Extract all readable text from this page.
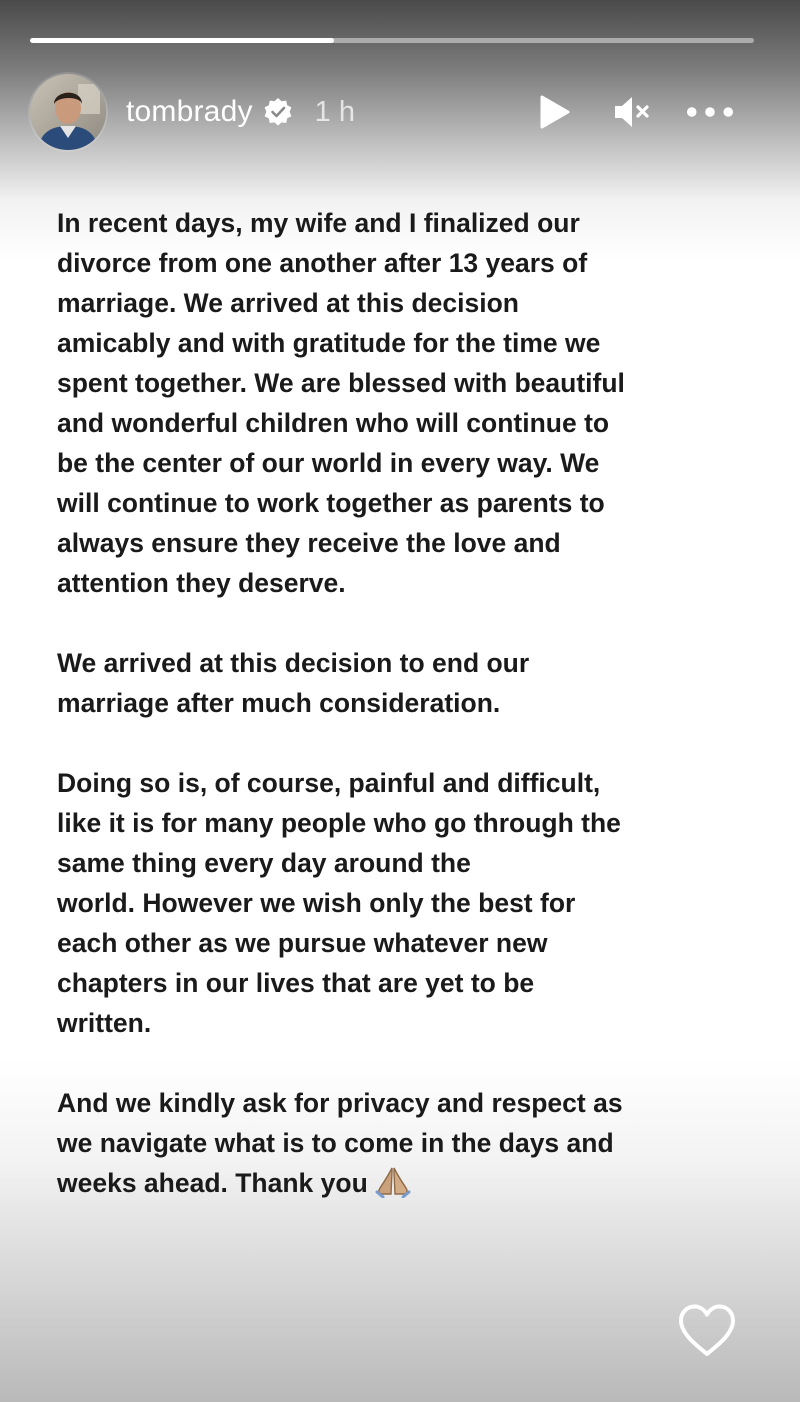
tombrady 1 h

In recent days, my wife and I finalized our
divorce from one another after 13 years of
marriage. We arrived at this decision
amicably and with gratitude for the time we
spent together. We are blessed with beautiful
and wonderful children who will continue to
be the center of our world in every way. We
will continue to work together as parents to
always ensure they receive the love and
attention they deserve.

We arrived at this decision to end our
marriage after much consideration.

Doing so is, of course, painful and difficult,
like it is for many people who go through the
same thing every day around the
world. However we wish only the best for
each other as we pursue whatever new
chapters in our lives that are yet to be
written.

And we kindly ask for privacy and respect as
we navigate what is to come in the days and
weeks ahead. Thank you
